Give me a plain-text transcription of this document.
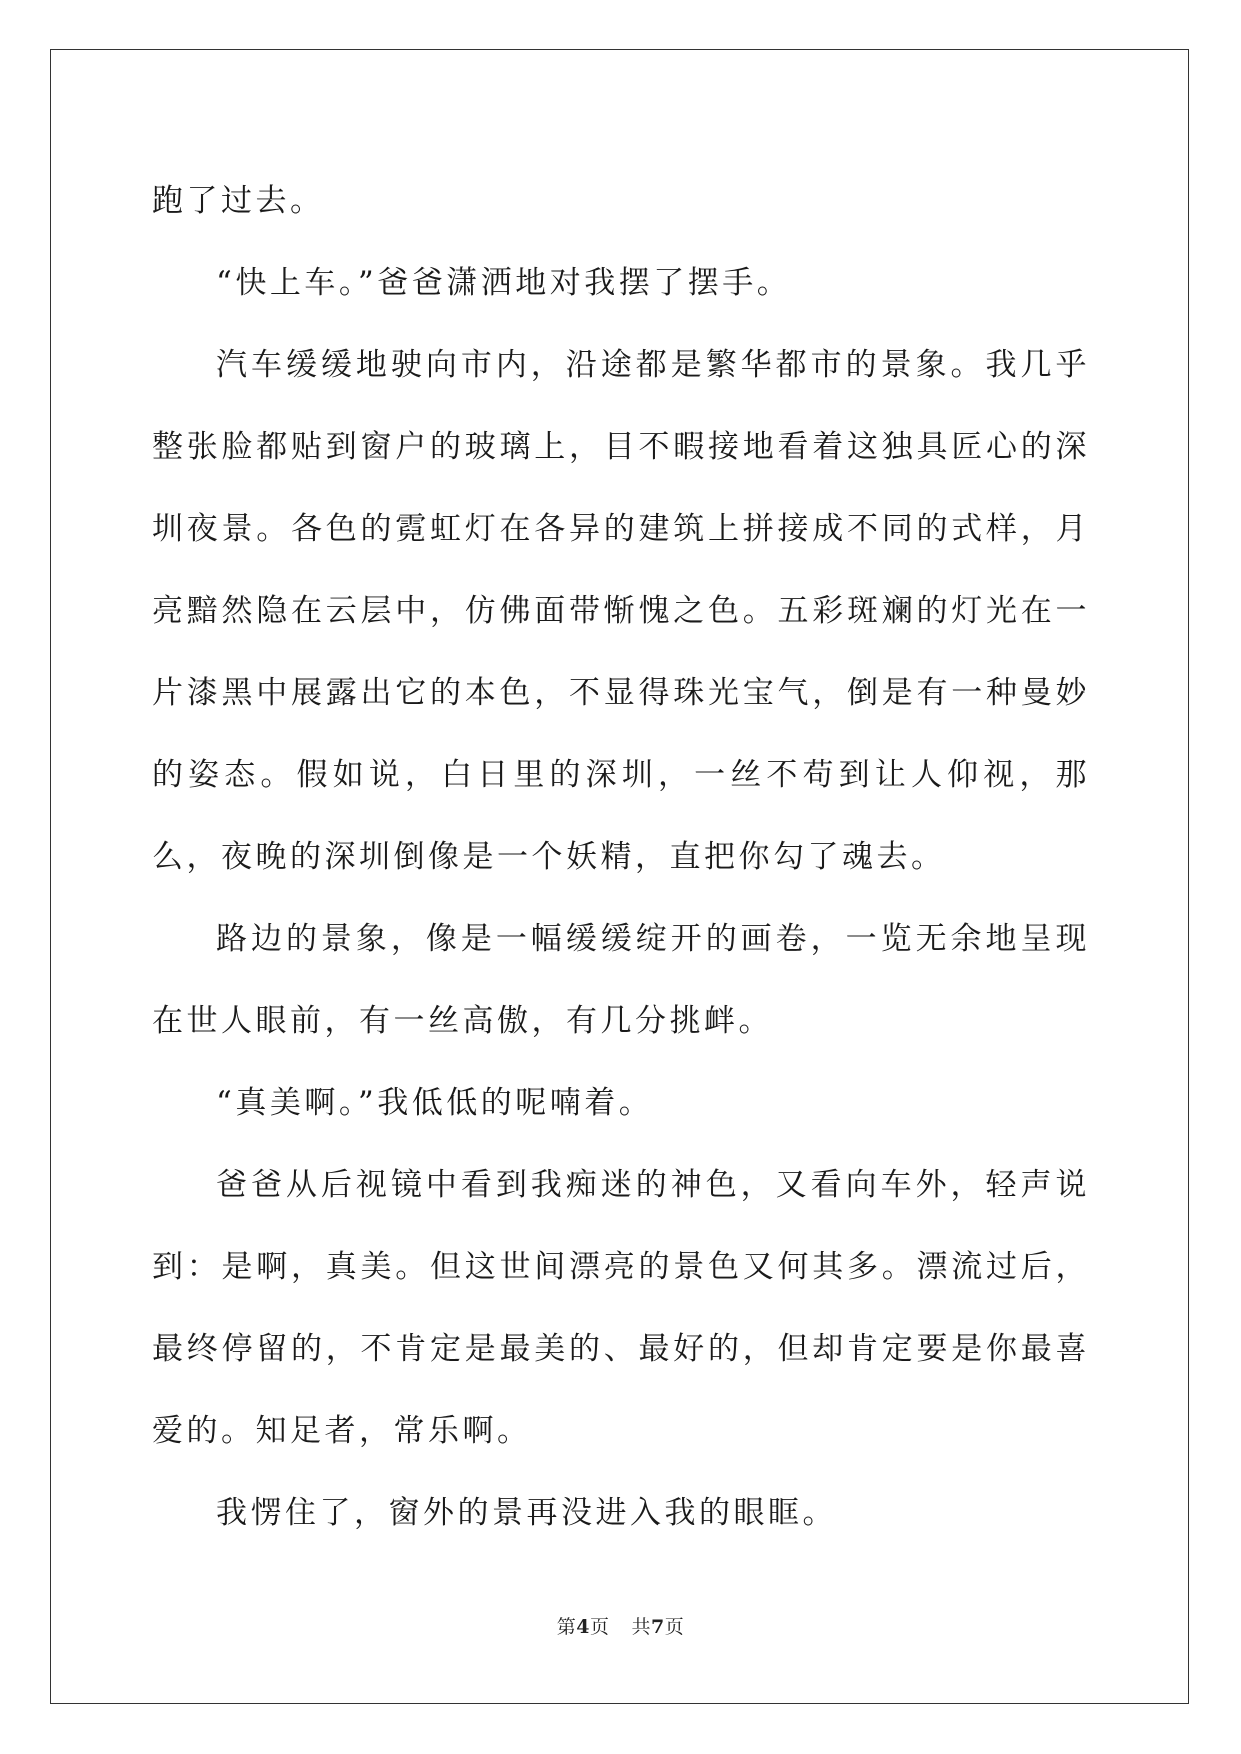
跑了过去。

“快上车。”爸爸潇洒地对我摆了摆手。

汽车缓缓地驶向市内，沿途都是繁华都市的景象。我几乎整张脸都贴到窗户的玻璃上，目不暇接地看着这独具匠心的深圳夜景。各色的霓虹灯在各异的建筑上拼接成不同的式样，月亮黯然隐在云层中，仿佛面带惭愧之色。五彩斑斓的灯光在一片漆黑中展露出它的本色，不显得珠光宝气，倒是有一种曼妙的姿态。假如说，白日里的深圳，一丝不苟到让人仰视，那么，夜晚的深圳倒像是一个妖精，直把你勾了魂去。

路边的景象，像是一幅缓缓绽开的画卷，一览无余地呈现在世人眼前，有一丝高傲，有几分挑衅。

“真美啊。”我低低的呢喃着。

爸爸从后视镜中看到我痴迷的神色，又看向车外，轻声说到：是啊，真美。但这世间漂亮的景色又何其多。漂流过后，最终停留的，不肯定是最美的、最好的，但却肯定要是你最喜爱的。知足者，常乐啊。

我愣住了，窗外的景再没进入我的眼眶。

第4页 共7页
